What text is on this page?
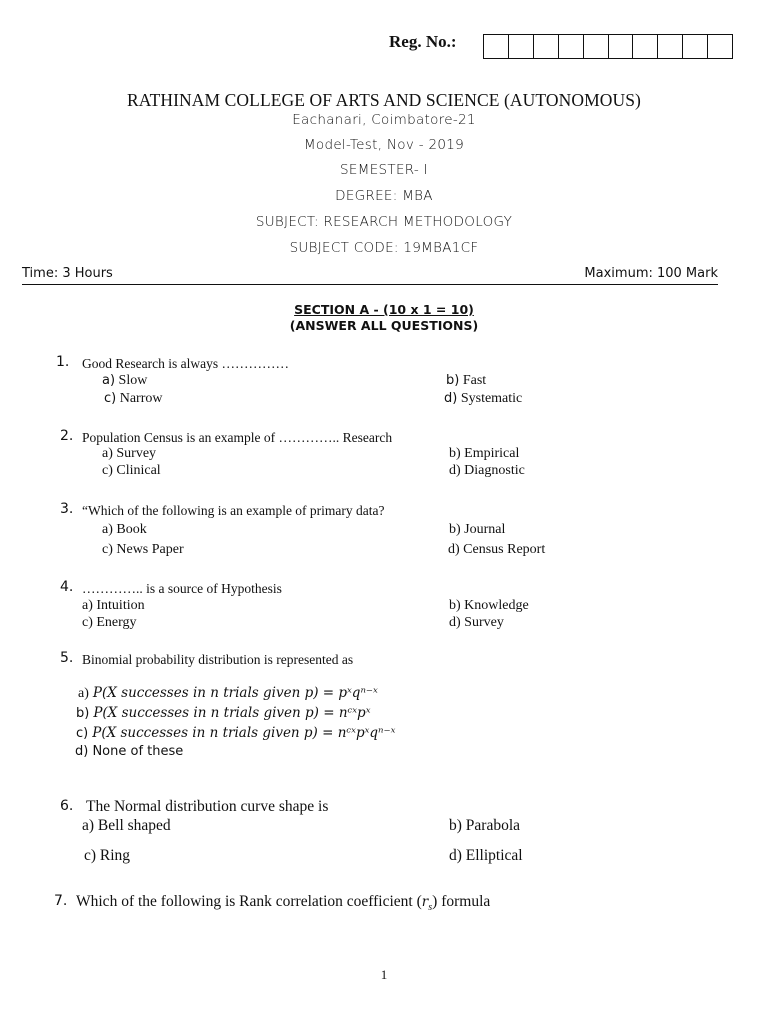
Reg. No.:
RATHINAM COLLEGE OF ARTS AND SCIENCE (AUTONOMOUS)
Eachanari, Coimbatore-21
Model-Test, Nov - 2019
SEMESTER- I
DEGREE: MBA
SUBJECT: RESEARCH METHODOLOGY
SUBJECT CODE: 19MBA1CF
Time: 3 Hours	Maximum: 100 Mark
SECTION A - (10 x 1 = 10)
(ANSWER ALL QUESTIONS)
1. Good Research is always ……………
a) Slow	b) Fast
c) Narrow	d) Systematic
2. Population Census is an example of ………….. Research
a) Survey	b) Empirical
c) Clinical	d) Diagnostic
3. “Which of the following is an example of primary data?
a) Book	b) Journal
c) News Paper	d) Census Report
4. ………….. is a source of Hypothesis
a) Intuition	b) Knowledge
c) Energy	d) Survey
5. Binomial probability distribution is represented as
a) P(X successes in n trials given p) = pˣqⁿ⁻ˣ
b) P(X successes in n trials given p) = nᶜˣpˣ
c) P(X successes in n trials given p) = nᶜˣpˣqⁿ⁻ˣ
d) None of these
6. The Normal distribution curve shape is
a) Bell shaped	b) Parabola
c) Ring	d) Elliptical
7. Which of the following is Rank correlation coefficient $(r_s)$ formula
1
